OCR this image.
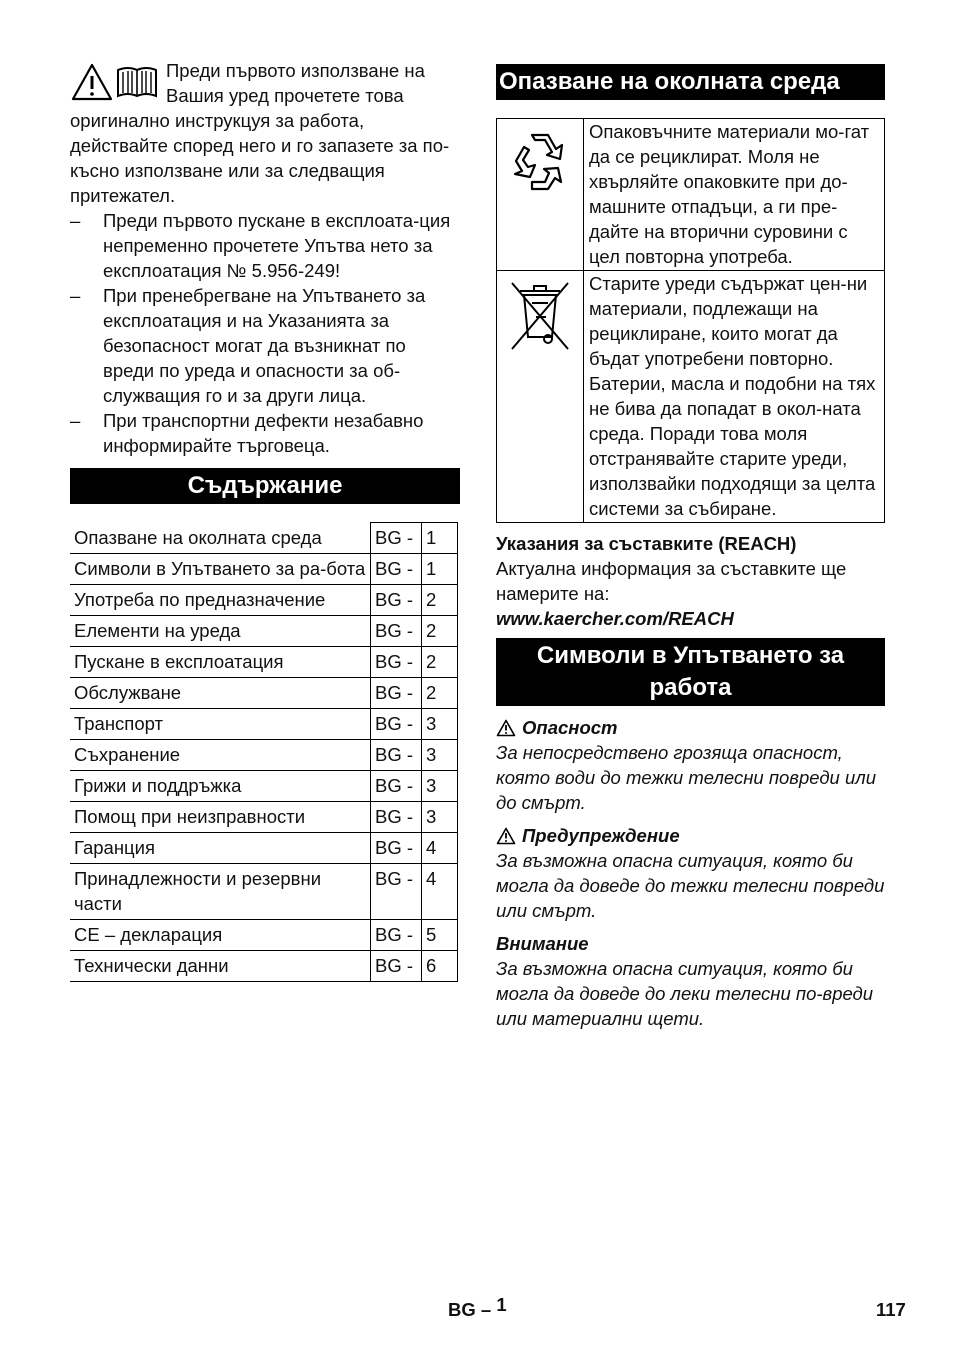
Преди първото използване на Вашия уред прочетете това оригинално инструкцуя за работа, действайте според него и го запазете за по-късно използване или за следващия притежател.

– Преди първото пускане в експлоата-ция непременно прочетете Упътва нето за експлоатация № 5.956-249!
– При пренебрегване на Упътването за експлоатация и на Указанията за безопасност могат да възникнат по вреди по уреда и опасности за об-служващия го и за други лица.
– При транспортни дефекти незабавно информирайте търговеца.
Съдържание
Опазване на околната среда	BG -	1
Символи в Упътването за ра-бота	BG -	1
Употреба по предназначение	BG -	2
Елементи на уреда	BG -	2
Пускане в експлоатация	BG -	2
Обслужване	BG -	2
Транспорт	BG -	3
Съхранение	BG -	3
Грижи и поддръжка	BG -	3
Помощ при неизправности	BG -	3
Гаранция	BG -	4
Принадлежности и резервни части	BG -	4
CE – декларация	BG -	5
Технически данни	BG -	6
Опазване на околната среда
	Опаковъчните материали мо-гат да се рециклират. Моля не хвърляйте опаковките при до-машните отпадъци, а ги пре-дайте на вторични суровини с цел повторна употреба.
	Старите уреди съдържат цен-ни материали, подлежащи на рециклиране, които могат да бъдат употребени повторно. Батерии, масла и подобни на тях не бива да попадат в окол-ната среда. Поради това моля отстранявайте старите уреди, използвайки подходящи за целта системи за събиране.
Указания за съставките (REACH)
Актуална информация за съставките ще намерите на:
www.kaercher.com/REACH
Символи в Упътването за работа
Опасност
За непосредствено грозяща опасност, която води до тежки телесни повреди или до смърт.
Предупреждение
За възможна опасна ситуация, която би могла да доведе до тежки телесни повреди или смърт.
Внимание
За възможна опасна ситуация, която би могла да доведе до леки телесни по-вреди или материални щети.
BG – 1	117
